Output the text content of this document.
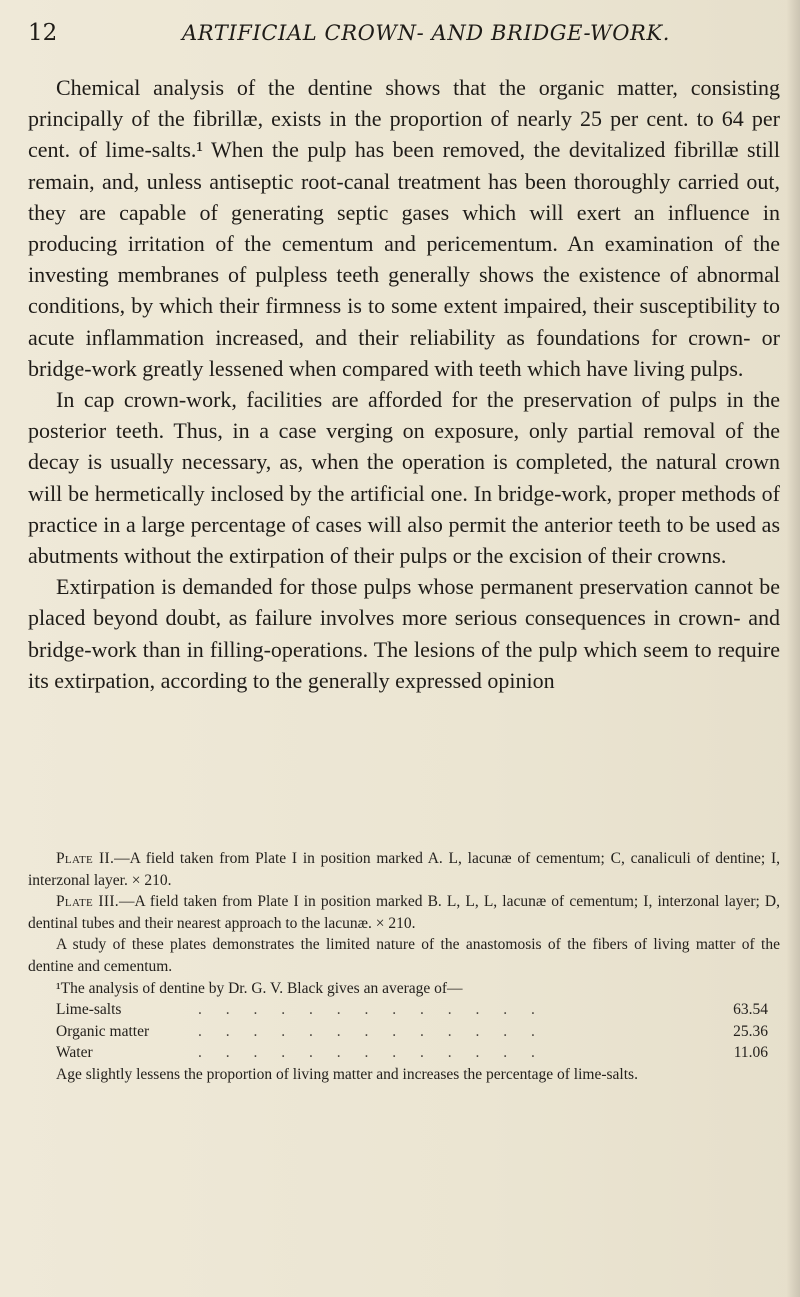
12	ARTIFICIAL CROWN- AND BRIDGE-WORK.

Chemical analysis of the dentine shows that the organic matter, consisting principally of the fibrillæ, exists in the proportion of nearly 25 per cent. to 64 per cent. of lime-salts.¹ When the pulp has been removed, the devitalized fibrillæ still remain, and, unless antiseptic root-canal treatment has been thoroughly carried out, they are capable of generating septic gases which will exert an influence in producing irritation of the cementum and pericementum. An examination of the investing membranes of pulpless teeth generally shows the existence of abnormal conditions, by which their firmness is to some extent impaired, their susceptibility to acute inflammation increased, and their reliability as foundations for crown- or bridge-work greatly lessened when compared with teeth which have living pulps.

In cap crown-work, facilities are afforded for the preservation of pulps in the posterior teeth. Thus, in a case verging on exposure, only partial removal of the decay is usually necessary, as, when the operation is completed, the natural crown will be hermetically inclosed by the artificial one. In bridge-work, proper methods of practice in a large percentage of cases will also permit the anterior teeth to be used as abutments without the extirpation of their pulps or the excision of their crowns.

Extirpation is demanded for those pulps whose permanent preservation cannot be placed beyond doubt, as failure involves more serious consequences in crown- and bridge-work than in filling-operations. The lesions of the pulp which seem to require its extirpation, according to the generally expressed opinion

Plate II.—A field taken from Plate I in position marked A. L, lacunæ of cementum; C, canaliculi of dentine; I, interzonal layer. × 210.

Plate III.—A field taken from Plate I in position marked B. L, L, L, lacunæ of cementum; I, interzonal layer; D, dentinal tubes and their nearest approach to the lacunæ. × 210.

A study of these plates demonstrates the limited nature of the anastomosis of the fibers of living matter of the dentine and cementum.

¹The analysis of dentine by Dr. G. V. Black gives an average of—

Lime-salts	. . . . . . . . . . . . .	63.54
Organic matter	. . . . . . . . . . . . .	25.36
Water	. . . . . . . . . . . . .	11.06

Age slightly lessens the proportion of living matter and increases the percentage of lime-salts.
